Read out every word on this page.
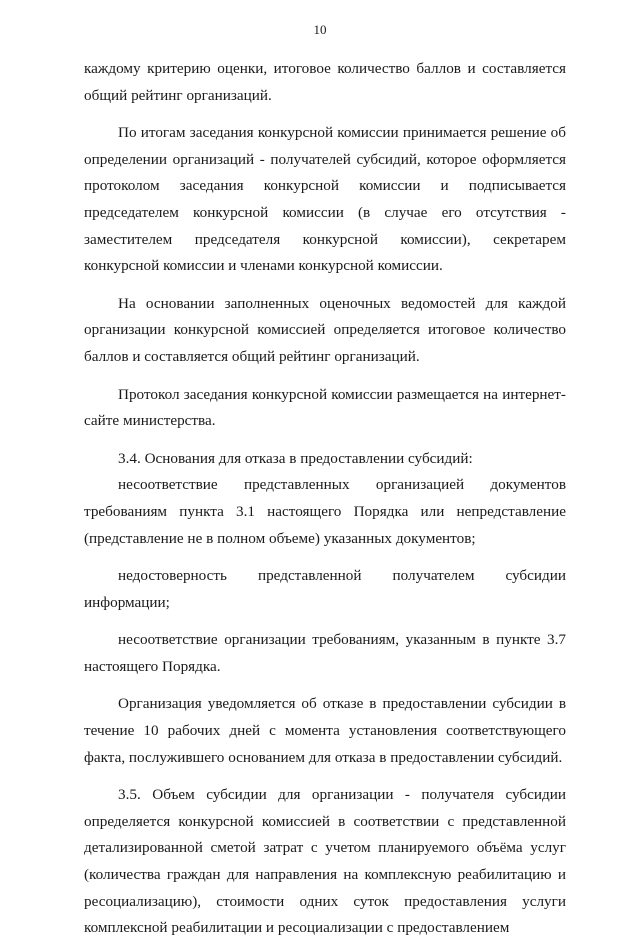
10

каждому критерию оценки, итоговое количество баллов и составляется общий рейтинг организаций.

По итогам заседания конкурсной комиссии принимается решение об определении организаций - получателей субсидий, которое оформляется протоколом заседания конкурсной комиссии и подписывается председателем конкурсной комиссии (в случае его отсутствия - заместителем председателя конкурсной комиссии), секретарем конкурсной комиссии и членами конкурсной комиссии.

На основании заполненных оценочных ведомостей для каждой организации конкурсной комиссией определяется итоговое количество баллов и составляется общий рейтинг организаций.

Протокол заседания конкурсной комиссии размещается на интернет-сайте министерства.

3.4. Основания для отказа в предоставлении субсидий:

несоответствие представленных организацией документов требованиям пункта 3.1 настоящего Порядка или непредставление (представление не в полном объеме) указанных документов;

недостоверность представленной получателем субсидии информации;

несоответствие организации требованиям, указанным в пункте 3.7 настоящего Порядка.

Организация уведомляется об отказе в предоставлении субсидии в течение 10 рабочих дней с момента установления соответствующего факта, послужившего основанием для отказа в предоставлении субсидий.

3.5. Объем субсидии для организации - получателя субсидии определяется конкурсной комиссией в соответствии с представленной детализированной сметой затрат с учетом планируемого объёма услуг (количества граждан для направления на комплексную реабилитацию и ресоциализацию), стоимости одних суток предоставления услуги комплексной реабилитации и ресоциализации с предоставлением
